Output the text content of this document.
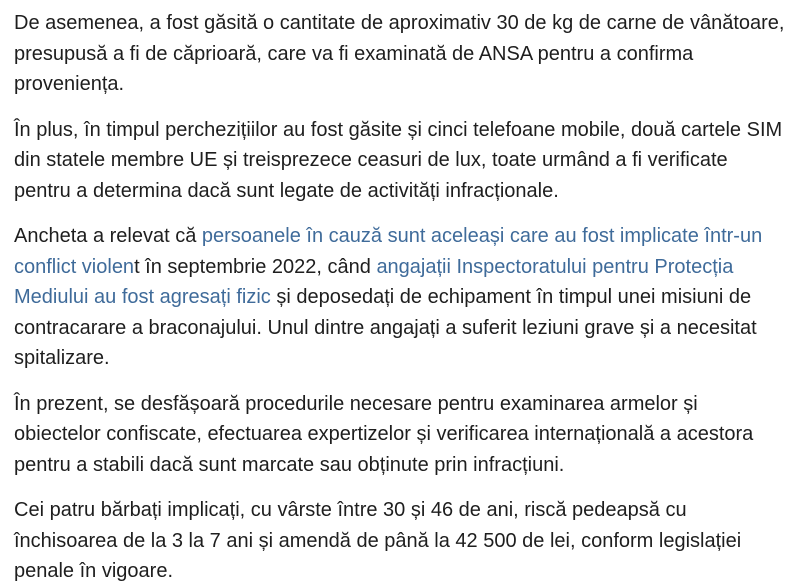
De asemenea, a fost găsită o cantitate de aproximativ 30 de kg de carne de vânătoare, presupusă a fi de căprioară, care va fi examinată de ANSA pentru a confirma proveniența.

În plus, în timpul perchezițiilor au fost găsite și cinci telefoane mobile, două cartele SIM din statele membre UE și treisprezece ceasuri de lux, toate urmând a fi verificate pentru a determina dacă sunt legate de activități infracționale.

Ancheta a relevat că persoanele în cauză sunt aceleași care au fost implicate într-un conflict violent în septembrie 2022, când angajații Inspectoratului pentru Protecția Mediului au fost agresați fizic și deposedați de echipament în timpul unei misiuni de contracarare a braconajului. Unul dintre angajați a suferit leziuni grave și a necesitat spitalizare.

În prezent, se desfășoară procedurile necesare pentru examinarea armelor și obiectelor confiscate, efectuarea expertizelor și verificarea internațională a acestora pentru a stabili dacă sunt marcate sau obținute prin infracțiuni.

Cei patru bărbați implicați, cu vârste între 30 și 46 de ani, riscă pedeapsă cu închisoarea de la 3 la 7 ani și amendă de până la 42 500 de lei, conform legislației penale în vigoare.
